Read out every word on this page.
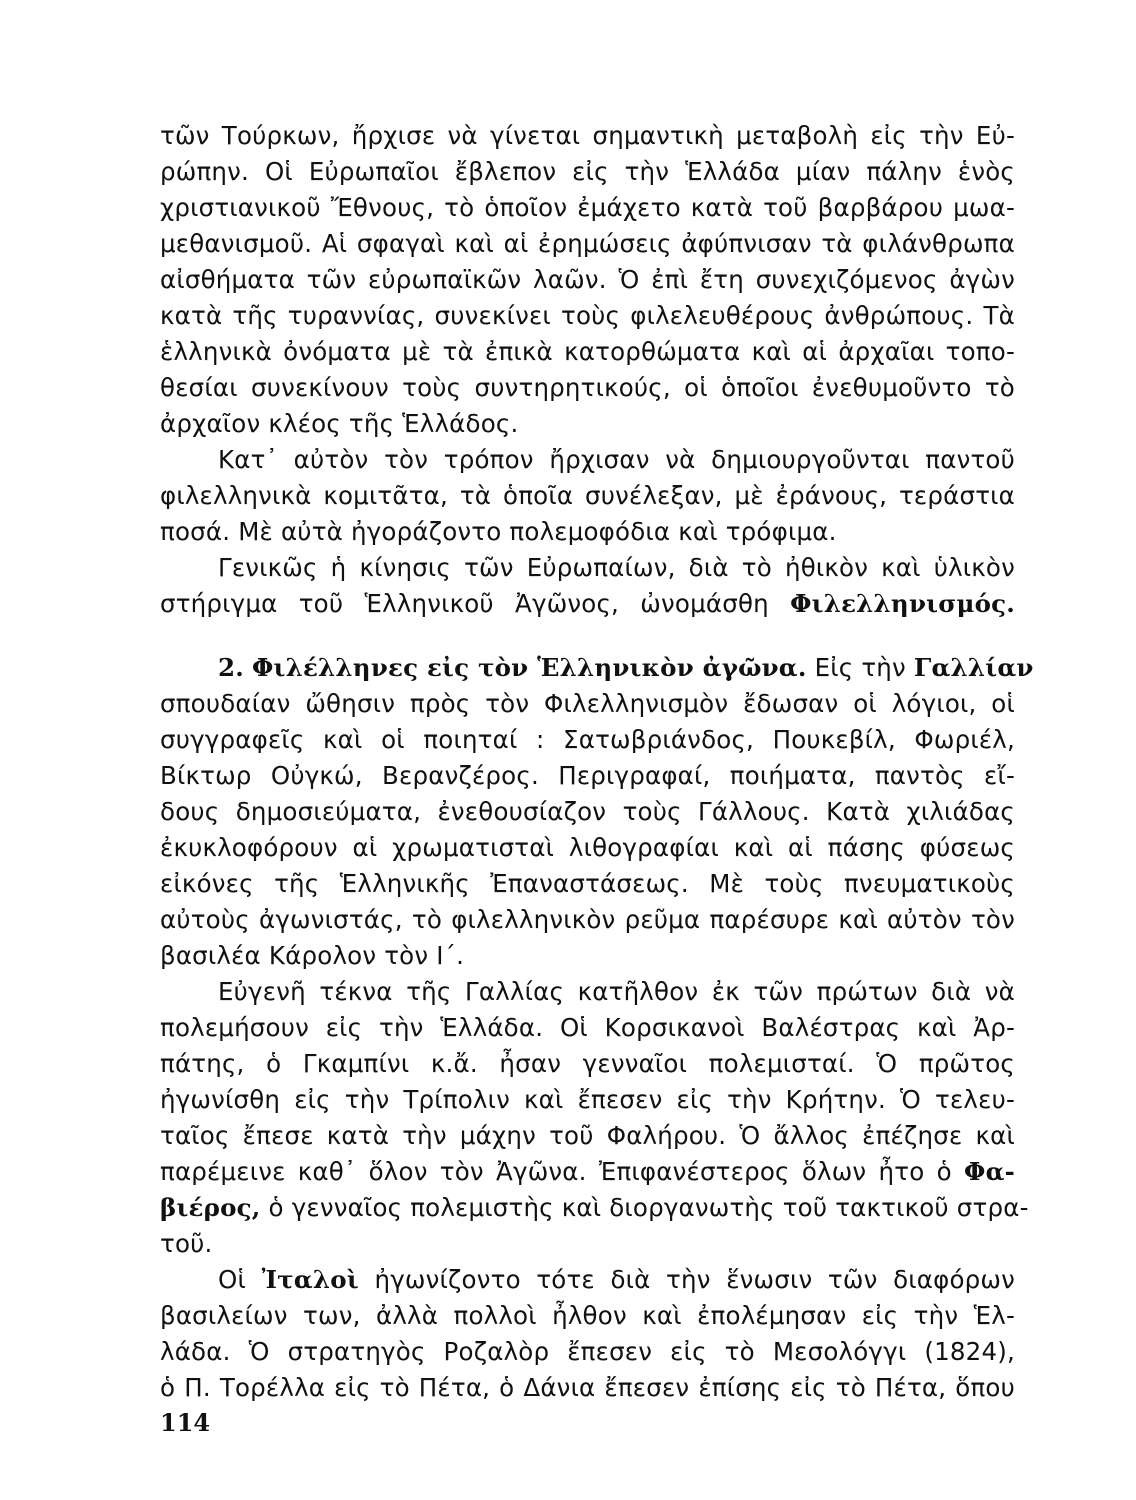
τῶν Τούρκων, ἤρχισε νὰ γίνεται σημαντικὴ μεταβολὴ εἰς τὴν Εὐ-
ρώπην. Οἱ Εὐρωπαῖοι ἔβλεπον εἰς τὴν Ἑλλάδα μίαν πάλην ἑνὸς
χριστιανικοῦ Ἔθνους, τὸ ὁποῖον ἐμάχετο κατὰ τοῦ βαρβάρου μωα-
μεθανισμοῦ. Αἱ σφαγαὶ καὶ αἱ ἐρημώσεις ἀφύπνισαν τὰ φιλάνθρωπα
αἰσθήματα τῶν εὐρωπαϊκῶν λαῶν. Ὁ ἐπὶ ἔτη συνεχιζόμενος ἀγὼν
κατὰ τῆς τυραννίας, συνεκίνει τοὺς φιλελευθέρους ἀνθρώπους. Τὰ
ἑλληνικὰ ὀνόματα μὲ τὰ ἐπικὰ κατορθώματα καὶ αἱ ἀρχαῖαι τοπο-
θεσίαι συνεκίνουν τοὺς συντηρητικούς, οἱ ὁποῖοι ἐνεθυμοῦντο τὸ
ἀρχαῖον κλέος τῆς Ἑλλάδος.
Κατ᾿ αὐτὸν τὸν τρόπον ἤρχισαν νὰ δημιουργοῦνται παντοῦ
φιλελληνικὰ κομιτᾶτα, τὰ ὁποῖα συνέλεξαν, μὲ ἐράνους, τεράστια
ποσά. Μὲ αὐτὰ ἠγοράζοντο πολεμοφόδια καὶ τρόφιμα.
Γενικῶς ἡ κίνησις τῶν Εὐρωπαίων, διὰ τὸ ἠθικὸν καὶ ὑλικὸν
στήριγμα τοῦ Ἑλληνικοῦ Ἀγῶνος, ὠνομάσθη Φιλελληνισμός.
2. Φιλέλληνες εἰς τὸν Ἑλληνικὸν ἀγῶνα. Εἰς τὴν Γαλλίαν
σπουδαίαν ὤθησιν πρὸς τὸν Φιλελληνισμὸν ἔδωσαν οἱ λόγιοι, οἱ
συγγραφεῖς καὶ οἱ ποιηταί : Σατωβριάνδος, Πουκεβίλ, Φωριέλ,
Βίκτωρ Οὐγκώ, Βερανζέρος. Περιγραφαί, ποιήματα, παντὸς εἴ-
δους δημοσιεύματα, ἐνεθουσίαζον τοὺς Γάλλους. Κατὰ χιλιάδας
ἐκυκλοφόρουν αἱ χρωματισταὶ λιθογραφίαι καὶ αἱ πάσης φύσεως
εἰκόνες τῆς Ἑλληνικῆς Ἐπαναστάσεως. Μὲ τοὺς πνευματικοὺς
αὐτοὺς ἀγωνιστάς, τὸ φιλελληνικὸν ρεῦμα παρέσυρε καὶ αὐτὸν τὸν
βασιλέα Κάρολον τὸν Ι΄.
Εὐγενῆ τέκνα τῆς Γαλλίας κατῆλθον ἐκ τῶν πρώτων διὰ νὰ
πολεμήσουν εἰς τὴν Ἑλλάδα. Οἱ Κορσικανοὶ Βαλέστρας καὶ Ἀρ-
πάτης, ὁ Γκαμπίνι κ.ἄ. ἦσαν γενναῖοι πολεμισταί. Ὁ πρῶτος
ἠγωνίσθη εἰς τὴν Τρίπολιν καὶ ἔπεσεν εἰς τὴν Κρήτην. Ὁ τελευ-
ταῖος ἔπεσε κατὰ τὴν μάχην τοῦ Φαλήρου. Ὁ ἄλλος ἐπέζησε καὶ
παρέμεινε καθ᾿ ὅλον τὸν Ἀγῶνα. Ἐπιφανέστερος ὅλων ἦτο ὁ Φα-
βιέρος, ὁ γενναῖος πολεμιστὴς καὶ διοργανωτὴς τοῦ τακτικοῦ στρα-
τοῦ.
Οἱ Ἰταλοὶ ἠγωνίζοντο τότε διὰ τὴν ἕνωσιν τῶν διαφόρων
βασιλείων των, ἀλλὰ πολλοὶ ἦλθον καὶ ἐπολέμησαν εἰς τὴν Ἑλ-
λάδα. Ὁ στρατηγὸς Ροζαλὸρ ἔπεσεν εἰς τὸ Μεσολόγγι (1824),
ὁ Π. Τορέλλα εἰς τὸ Πέτα, ὁ Δάνια ἔπεσεν ἐπίσης εἰς τὸ Πέτα, ὅπου
114
